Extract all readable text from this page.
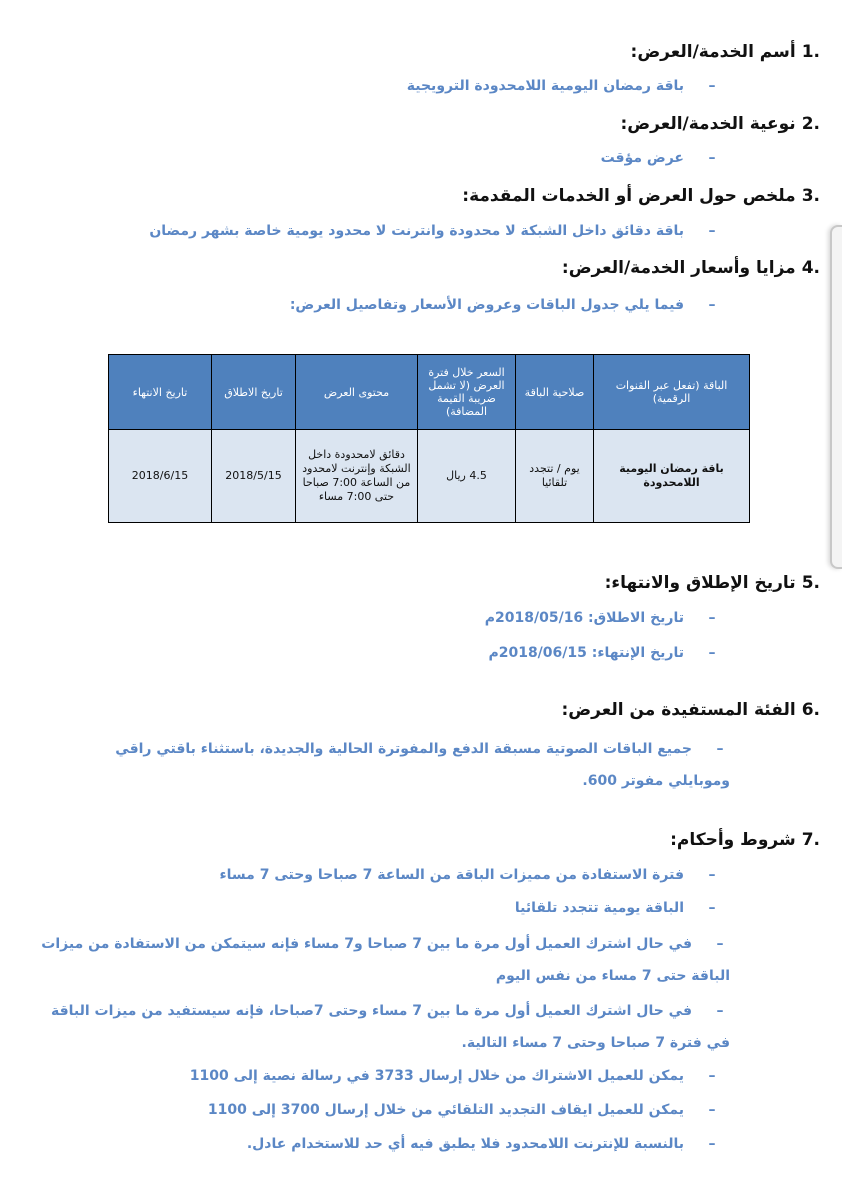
.1أسم الخدمة/العرض:
–باقة رمضان اليومية اللامحدودة الترويجية
.2نوعية الخدمة/العرض:
–عرض مؤقت
.3ملخص حول العرض أو الخدمات المقدمة:
–باقة دقائق داخل الشبكة لا محدودة وانترنت لا محدود يومية خاصة بشهر رمضان
.4مزايا وأسعار الخدمة/العرض:
–فيما يلي جدول الباقات وعروض الأسعار وتفاصيل العرض:
الباقة (تفعل عبر القنوات الرقمية)	صلاحية الباقة	السعر خلال فترة العرض (لا تشمل ضريبة القيمة المضافة)	محتوى العرض	تاريخ الاطلاق	تاريخ الانتهاء
باقة رمضان اليومية اللامحدودة	يوم / تتجدد تلقائيا	4.5 ريال	دقائق لامحدودة داخل الشبكة وإنترنت لامحدود من الساعة 7:00 صباحا حتى 7:00 مساء	2018/5/15	2018/6/15
.5تاريخ الإطلاق والانتهاء:
–تاريخ الاطلاق: 2018/05/16م
–تاريخ الإنتهاء: 2018/06/15م
.6الفئة المستفيدة من العرض:
–جميع الباقات الصوتية مسبقة الدفع والمفوترة الحالية والجديدة، باستثناء باقتي راقي وموبايلي مفوتر 600.
.7شروط وأحكام:
–فترة الاستفادة من مميزات الباقة من الساعة 7 صباحا وحتى 7 مساء
–الباقة يومية تتجدد تلقائيا
–في حال اشترك العميل أول مرة ما بين 7 صباحا و7 مساء فإنه سيتمكن من الاستفادة من ميزات الباقة حتى 7 مساء من نفس اليوم
–في حال اشترك العميل أول مرة ما بين 7 مساء وحتى 7صباحا، فإنه سيستفيد من ميزات الباقة في فترة 7 صباحا وحتى 7 مساء التالية.
–يمكن للعميل الاشتراك من خلال إرسال 3733 في رسالة نصية إلى 1100
–يمكن للعميل ايقاف التجديد التلقائي من خلال إرسال 3700 إلى 1100
–بالنسبة للإنترنت اللامحدود فلا يطبق فيه أي حد للاستخدام عادل.
